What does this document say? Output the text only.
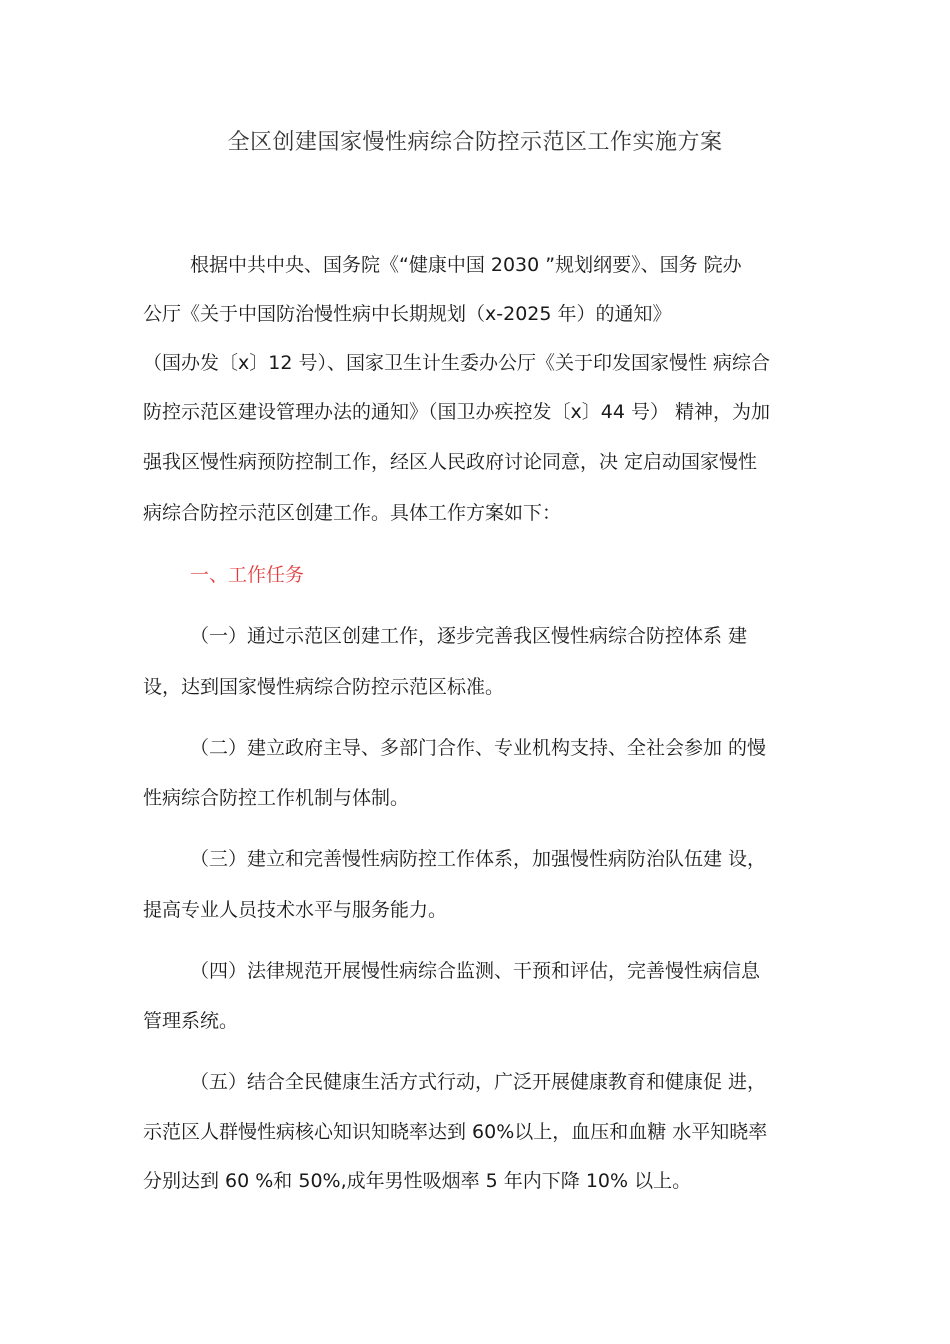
全区创建国家慢性病综合防控示范区工作实施方案
根据中共中央、国务院《“健康中国 2030 ”规划纲要》、国务 院办
公厅《关于中国防治慢性病中长期规划（x-2025 年）的通知》
（国办发〔x〕12 号）、国家卫生计生委办公厅《关于印发国家慢性 病综合
防控示范区建设管理办法的通知》（国卫办疾控发〔x〕44 号） 精神，为加
强我区慢性病预防控制工作，经区人民政府讨论同意，决 定启动国家慢性
病综合防控示范区创建工作。具体工作方案如下：
一、工作任务
（一）通过示范区创建工作，逐步完善我区慢性病综合防控体系 建
设，达到国家慢性病综合防控示范区标准。
（二）建立政府主导、多部门合作、专业机构支持、全社会参加 的慢
性病综合防控工作机制与体制。
（三）建立和完善慢性病防控工作体系，加强慢性病防治队伍建 设，
提高专业人员技术水平与服务能力。
（四）法律规范开展慢性病综合监测、干预和评估，完善慢性病信息
管理系统。
（五）结合全民健康生活方式行动，广泛开展健康教育和健康促 进，
示范区人群慢性病核心知识知晓率达到 60%以上，血压和血糖 水平知晓率
分别达到 60 %和 50%,成年男性吸烟率 5 年内下降 10% 以上。
